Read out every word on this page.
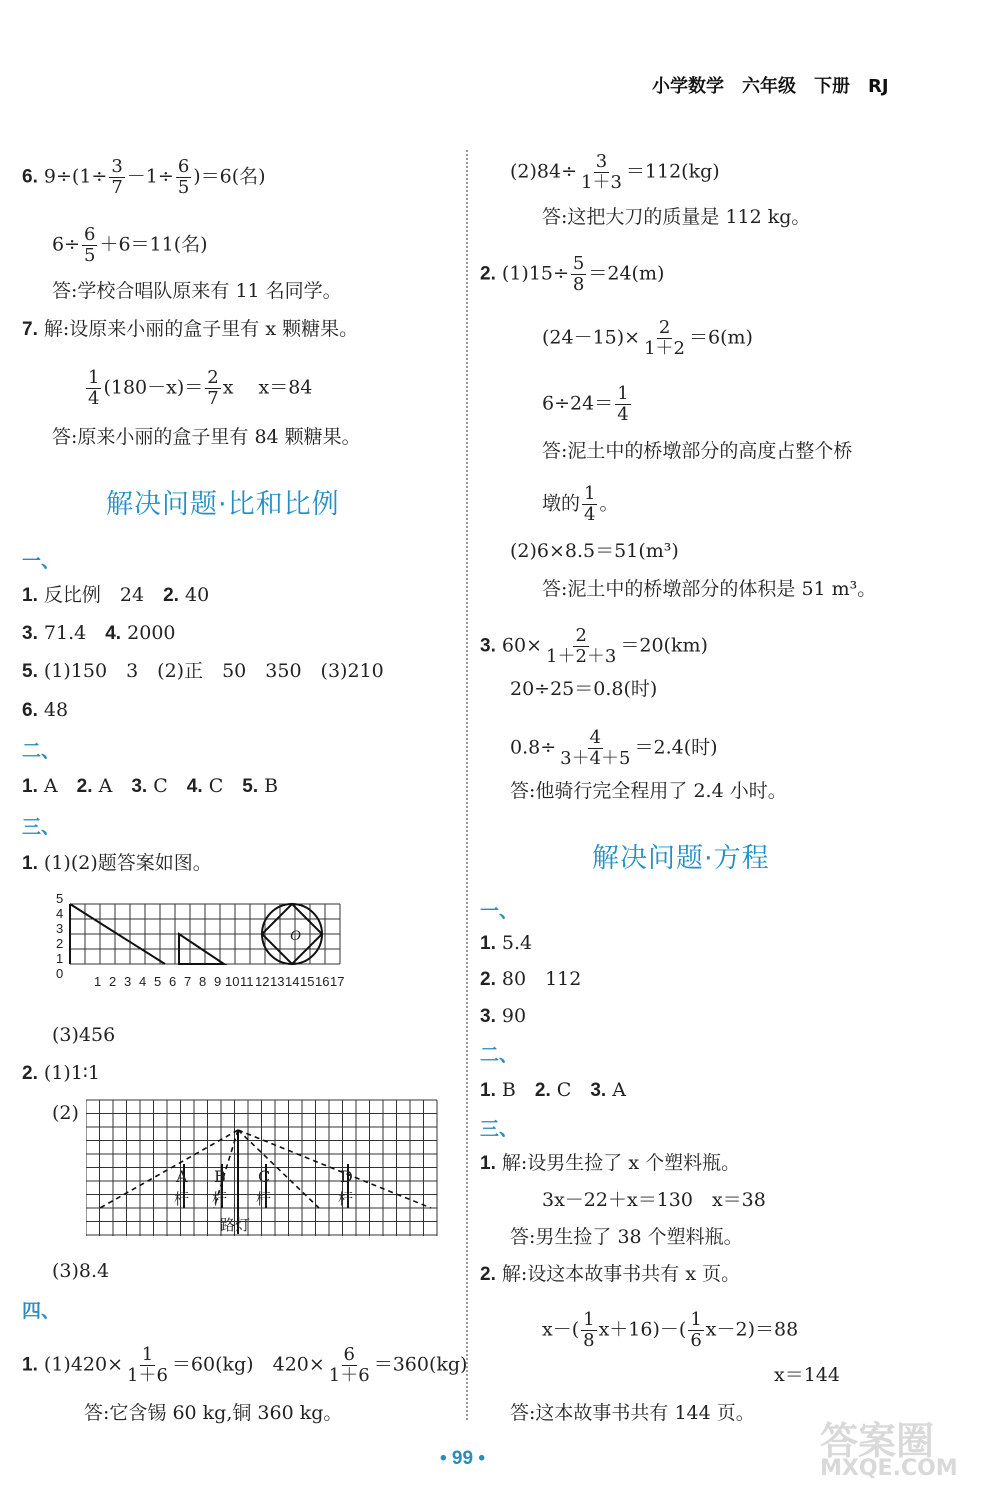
小学数学　六年级　下册　RJ
6. $9\div(1\div \frac{3}{7} -1\div \frac{6}{5} )=6$(名)
$6\div \frac{6}{5} +6=11$(名)
答:学校合唱队原来有 11 名同学。
7. 解:设原来小丽的盒子里有 x 颗糖果。
$\frac{1}{4} (180-x)= \frac{2}{7}$ x　 x＝84
答:原来小丽的盒子里有 84 颗糖果。
解决问题·比和比例
一、
1. 反比例　24　 2. 40
3. 71.4　 4. 2000
5. (1)150　3　(2)正　50　350　(3)210
6. 48
二、
1. A　 2. A　 3. C　 4. C　 5. B
三、
1. (1)(2)题答案如图。
O
5
4
3
2
1
0
1 2 3 4 5 6 7 8 9 10 11 12 13 14 15 16 17
(3)456
2. (1)1∶1
(2)
A B C	D
杆 杆 杆	杆
路灯
(3)8.4
四、
1. $(1)420\times \frac{1}{1+6} =60(kg)$　$420\times \frac{6}{1+6} =360(kg)$
答:它含锡 60 kg,铜 360 kg。
$(2)84\div \frac{3}{1+3} =112(kg)$
答:这把大刀的质量是 112 kg。
2. $(1)15\div \frac{5}{8} =24(m)$
$(24-15)\times \frac{2}{1+2} =6(m)$
$6\div 24= \frac{1}{4}$
答:泥土中的桥墩部分的高度占整个桥
墩的 $\frac{1}{4}$ 。
(2)6×8.5＝51(m³)
答:泥土中的桥墩部分的体积是 51 m³。
3. $60\times \frac{2}{1+2+3} =20(km)$
20÷25＝0.8(时)
$0.8\div \frac{4}{3+4+5} =2.4$(时)
答:他骑行完全程用了 2.4 小时。
解决问题·方程
一、
1. 5.4
2. 80　112
3. 90
二、
1. B　 2. C　 3. A
三、
1. 解:设男生捡了 x 个塑料瓶。
3x－22＋x＝130　x＝38
答:男生捡了 38 个塑料瓶。
2. 解:设这本故事书共有 x 页。
$x-( \frac{1}{8} x+16)-( \frac{1}{6} x-2)=88$
x＝144
答:这本故事书共有 144 页。
• 99 •	答案圈
MXQE.COM
